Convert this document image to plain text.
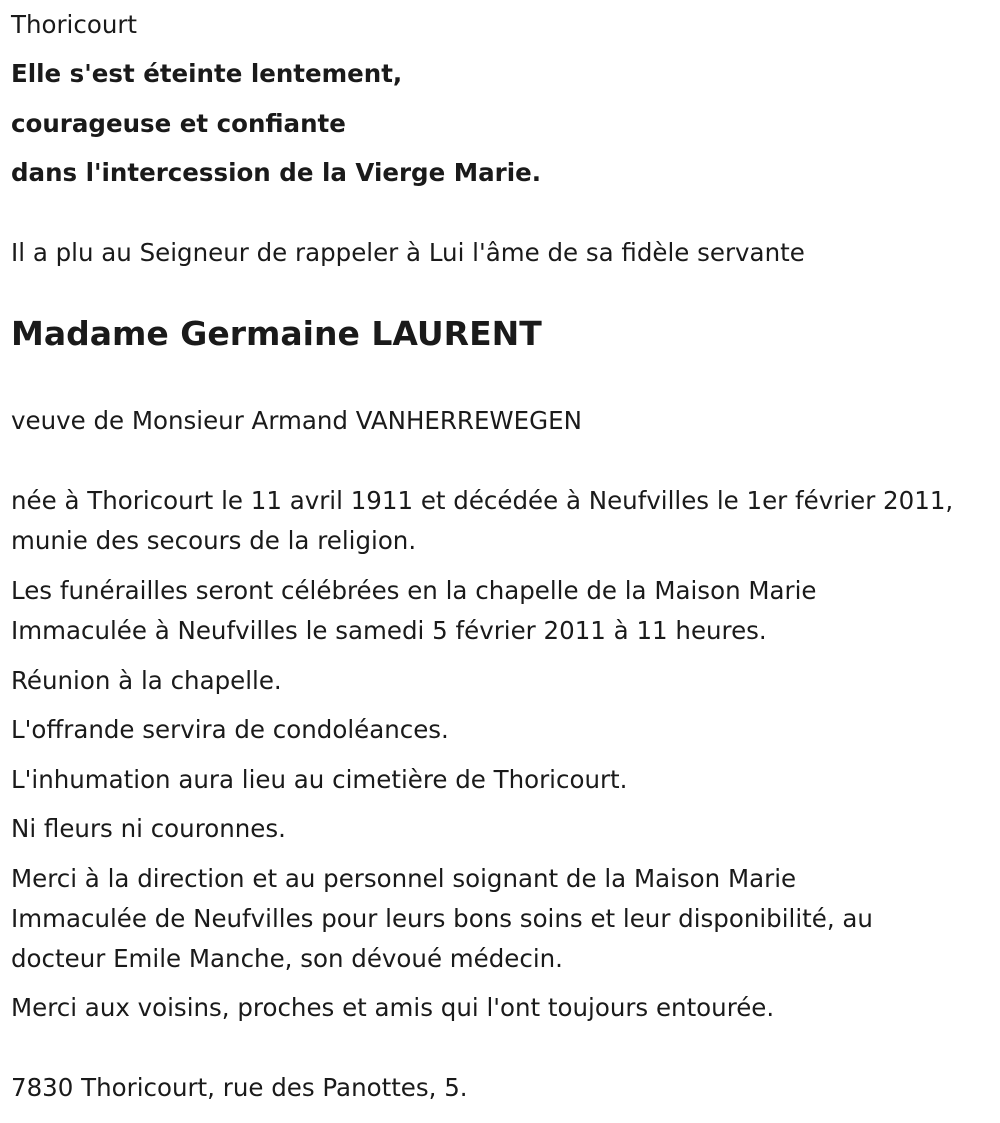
Thoricourt

Elle s'est éteinte lentement,

courageuse et confiante

dans l'intercession de la Vierge Marie.

Il a plu au Seigneur de rappeler à Lui l'âme de sa fidèle servante

Madame Germaine LAURENT

veuve de Monsieur Armand VANHERREWEGEN

née à Thoricourt le 11 avril 1911 et décédée à Neufvilles le 1er février 2011,

munie des secours de la religion.

Les funérailles seront célébrées en la chapelle de la Maison Marie

Immaculée à Neufvilles le samedi 5 février 2011 à 11 heures.

Réunion à la chapelle.

L'offrande servira de condoléances.

L'inhumation aura lieu au cimetière de Thoricourt.

Ni fleurs ni couronnes.

Merci à la direction et au personnel soignant de la Maison Marie

Immaculée de Neufvilles pour leurs bons soins et leur disponibilité, au

docteur Emile Manche, son dévoué médecin.

Merci aux voisins, proches et amis qui l'ont toujours entourée.

7830 Thoricourt, rue des Panottes, 5.
